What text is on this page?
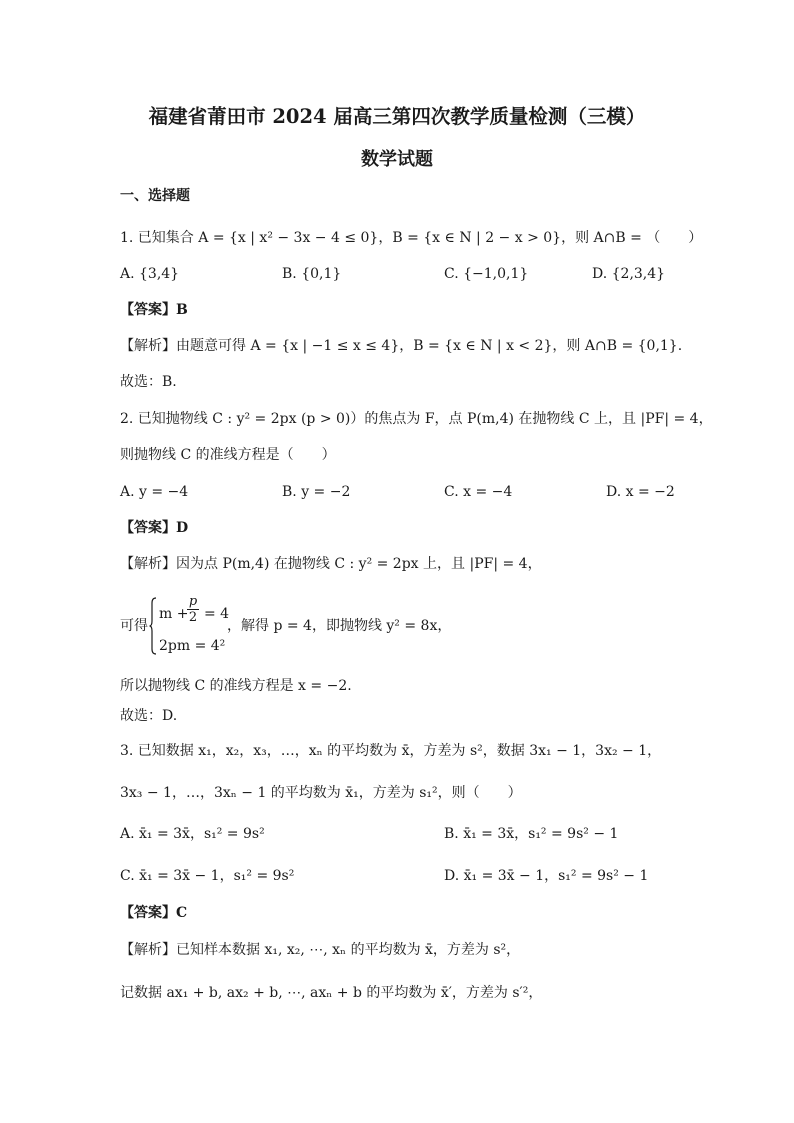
福建省莆田市 2024 届高三第四次教学质量检测（三模）
数学试题
一、选择题
1. 已知集合 A = {x | x² − 3x − 4 ≤ 0}，B = {x ∈ N | 2 − x > 0}，则 A∩B = （　　）
A. {3,4}	B. {0,1}	C. {−1,0,1}	D. {2,3,4}
【答案】B
【解析】由题意可得 A = {x | −1 ≤ x ≤ 4}，B = {x ∈ N | x < 2}，则 A∩B = {0,1}.
故选：B.
2. 已知抛物线 C : y² = 2px (p > 0)）的焦点为 F，点 P(m,4) 在抛物线 C 上，且 |PF| = 4，
则抛物线 C 的准线方程是（　　）
A. y = −4	B. y = −2	C. x = −4	D. x = −2
【答案】D
【解析】因为点 P(m,4) 在抛物线 C : y² = 2px 上，且 |PF| = 4，
可得
m +
p
2 = 4
2pm = 4²
，解得 p = 4，即抛物线 y² = 8x，
所以抛物线 C 的准线方程是 x = −2.
故选：D.
3. 已知数据 x₁，x₂，x₃，…，xₙ 的平均数为 x̄，方差为 s²，数据 3x₁ − 1，3x₂ − 1，
3x₃ − 1，…，3xₙ − 1 的平均数为 x̄₁，方差为 s₁²，则（　　）
A. x̄₁ = 3x̄，s₁² = 9s²	B. x̄₁ = 3x̄，s₁² = 9s² − 1
C. x̄₁ = 3x̄ − 1，s₁² = 9s²	D. x̄₁ = 3x̄ − 1，s₁² = 9s² − 1
【答案】C
【解析】已知样本数据 x₁, x₂, ⋯, xₙ 的平均数为 x̄，方差为 s²，
记数据 ax₁ + b, ax₂ + b, ⋯, axₙ + b 的平均数为 x̄′，方差为 s′²，
